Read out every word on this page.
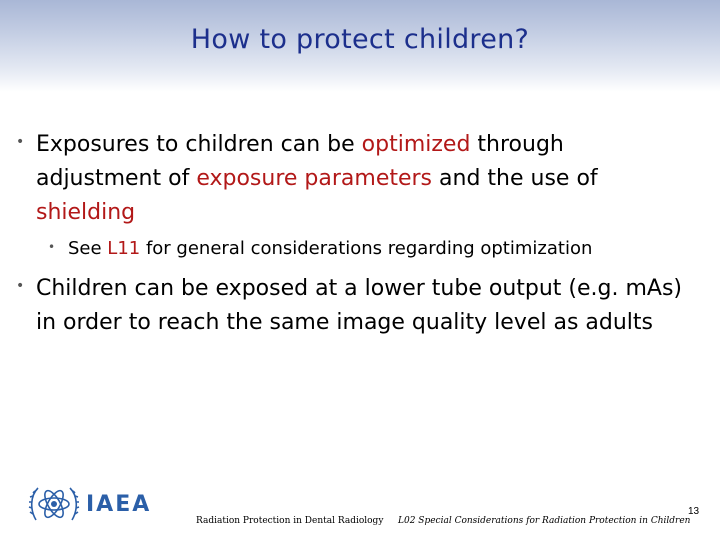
How to protect children?
• Exposures to children can be optimized through adjustment of exposure parameters and the use of shielding
• See L11 for general considerations regarding optimization
• Children can be exposed at a lower tube output (e.g. mAs) in order to reach the same image quality level as adults
IAEA
Radiation Protection in Dental Radiology L02 Special Considerations for Radiation Protection in Children
13
